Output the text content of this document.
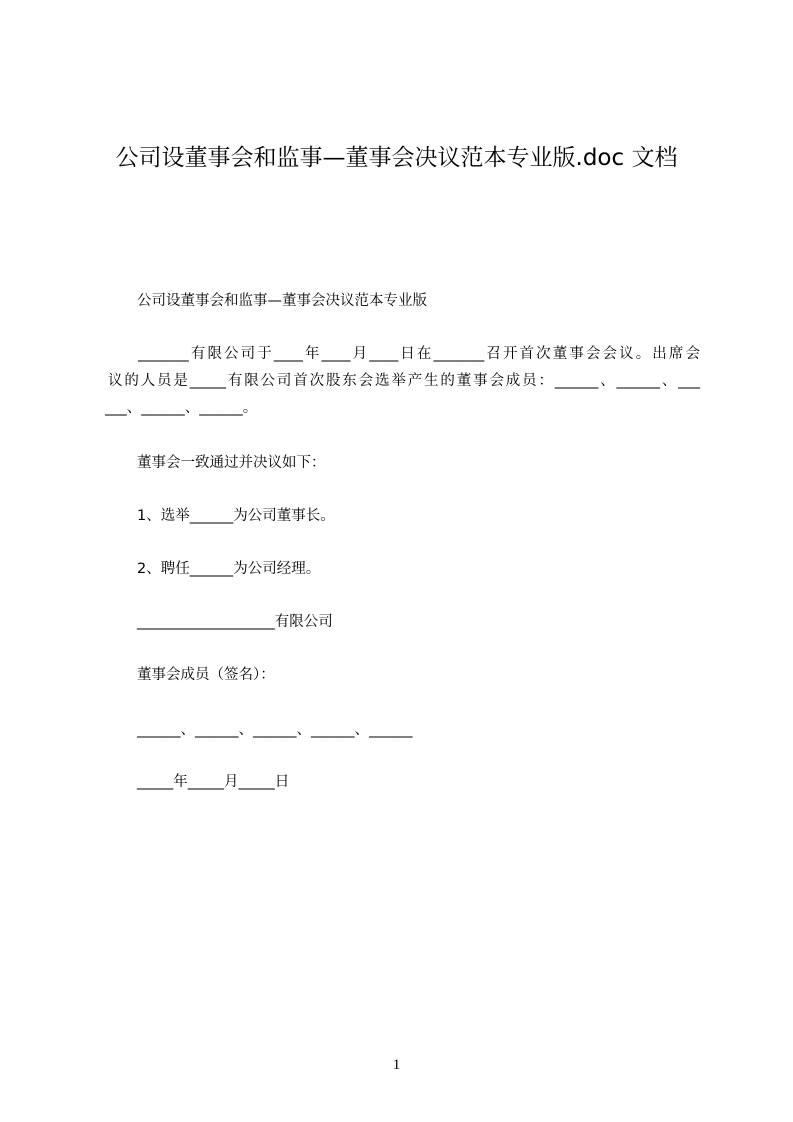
公司设董事会和监事—董事会决议范本专业版.doc 文档
公司设董事会和监事—董事会决议范本专业版
_______有限公司于____年____月____日在_______召开首次董事会会议。出席会
议的人员是_____有限公司首次股东会选举产生的董事会成员：______、______、___
___、______、______。
董事会一致通过并决议如下：
1、选举______为公司董事长。
2、聘任______为公司经理。
___________________有限公司
董事会成员（签名）：
______、______、______、______、______
_____年_____月_____日
1
